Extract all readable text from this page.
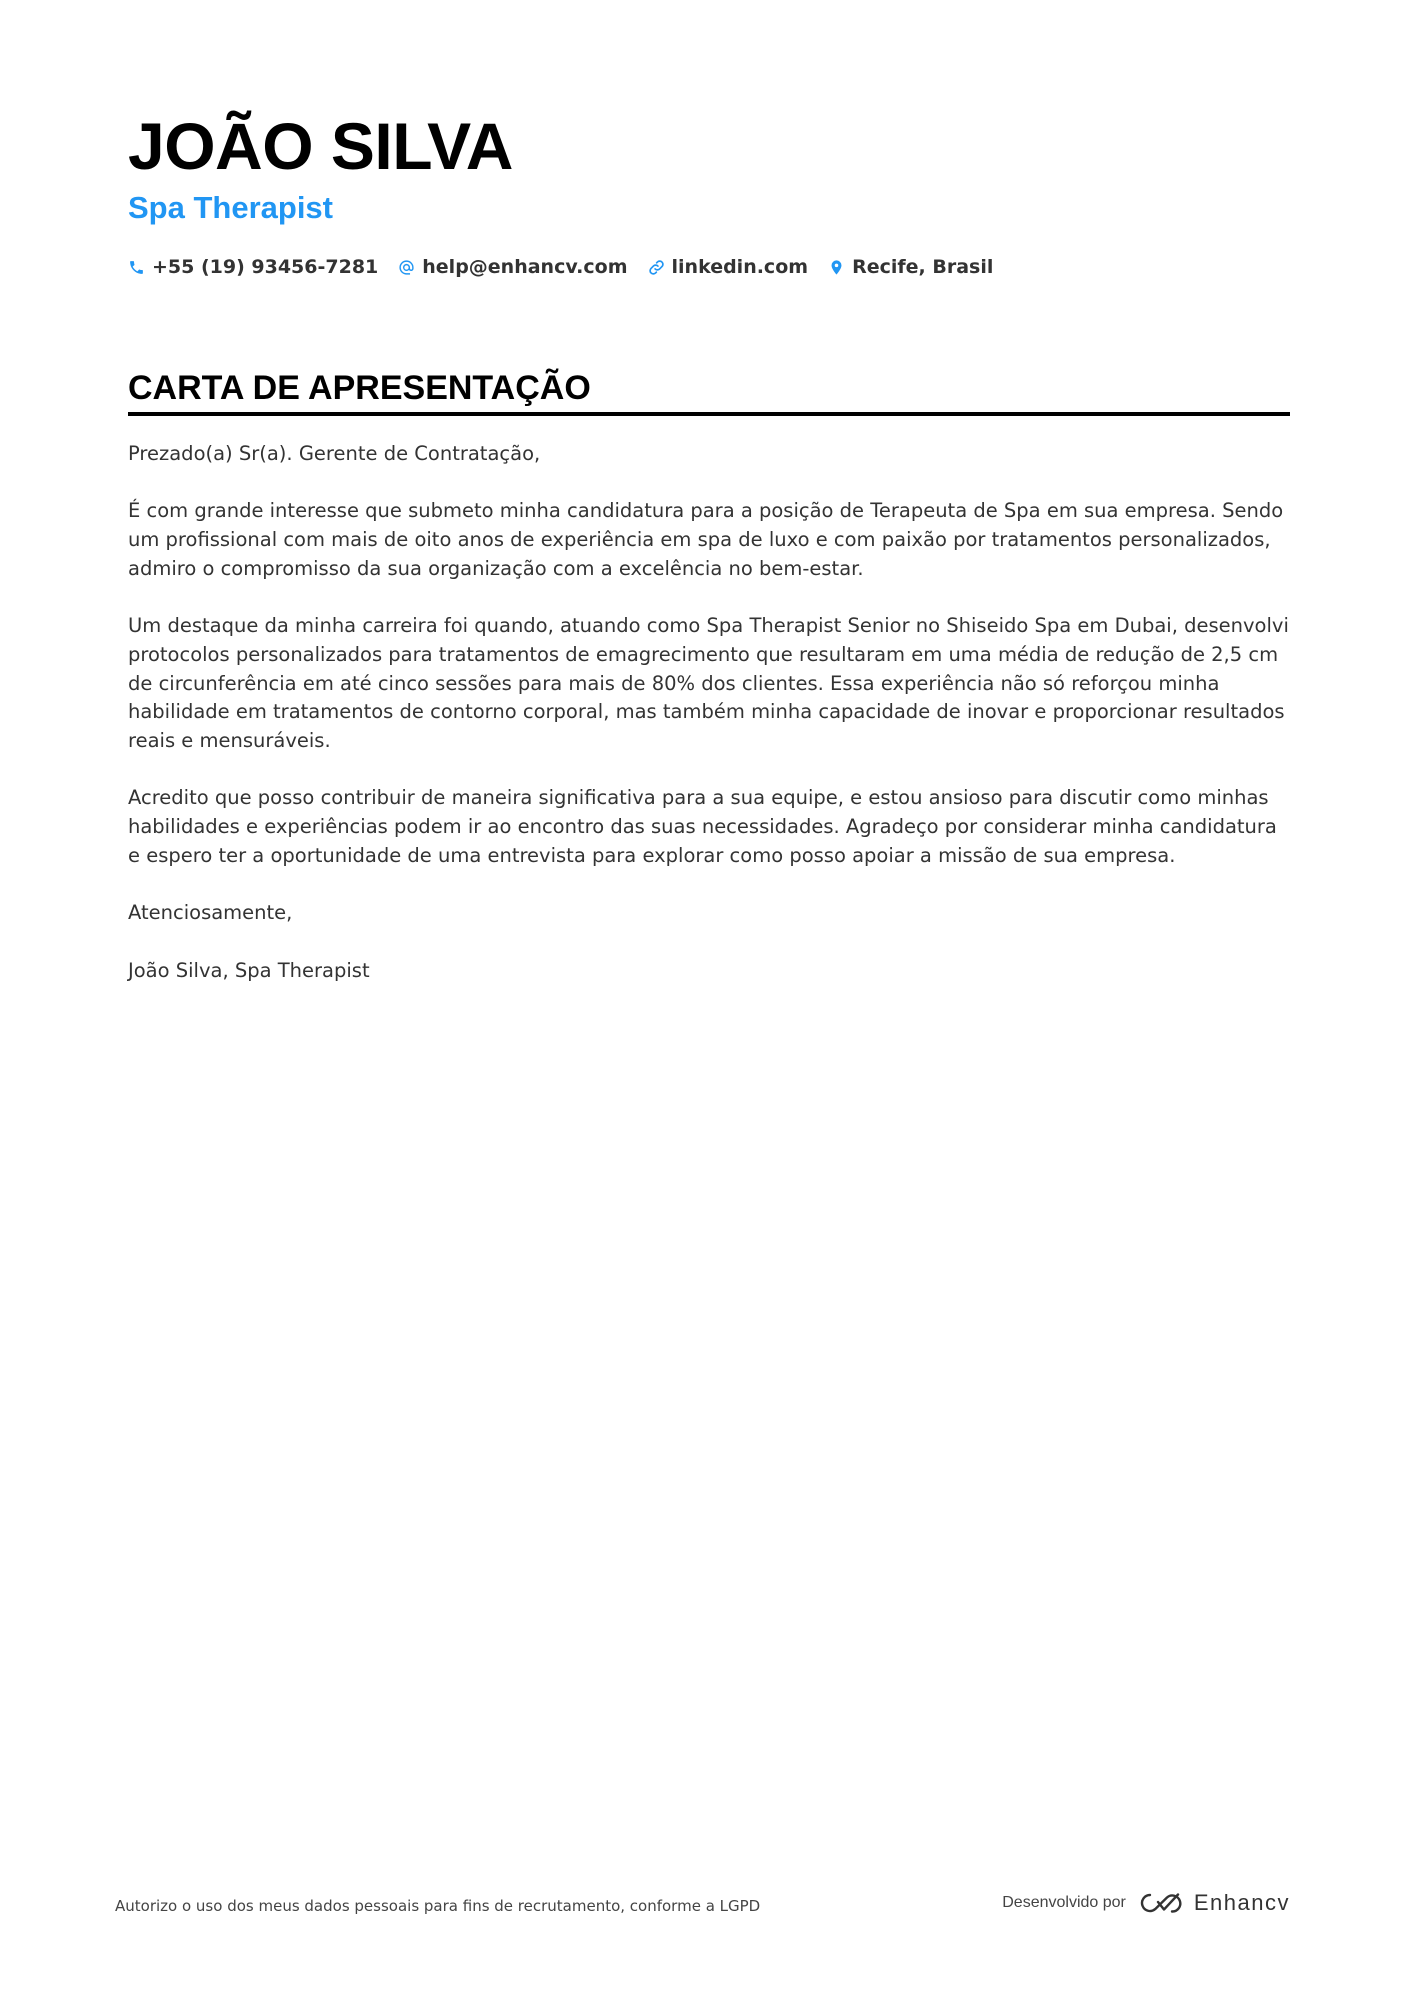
JOÃO SILVA
Spa Therapist
+55 (19) 93456-7281 help@enhancv.com linkedin.com Recife, Brasil
CARTA DE APRESENTAÇÃO

Prezado(a) Sr(a). Gerente de Contratação,

É com grande interesse que submeto minha candidatura para a posição de Terapeuta de Spa em sua empresa. Sendo um profissional com mais de oito anos de experiência em spa de luxo e com paixão por tratamentos personalizados, admiro o compromisso da sua organização com a excelência no bem-estar.

Um destaque da minha carreira foi quando, atuando como Spa Therapist Senior no Shiseido Spa em Dubai, desenvolvi protocolos personalizados para tratamentos de emagrecimento que resultaram em uma média de redução de 2,5 cm de circunferência em até cinco sessões para mais de 80% dos clientes. Essa experiência não só reforçou minha habilidade em tratamentos de contorno corporal, mas também minha capacidade de inovar e proporcionar resultados reais e mensuráveis.

Acredito que posso contribuir de maneira significativa para a sua equipe, e estou ansioso para discutir como minhas habilidades e experiências podem ir ao encontro das suas necessidades. Agradeço por considerar minha candidatura e espero ter a oportunidade de uma entrevista para explorar como posso apoiar a missão de sua empresa.

Atenciosamente,

João Silva, Spa Therapist

Autorizo o uso dos meus dados pessoais para fins de recrutamento, conforme a LGPD	Desenvolvido por	Enhancv
